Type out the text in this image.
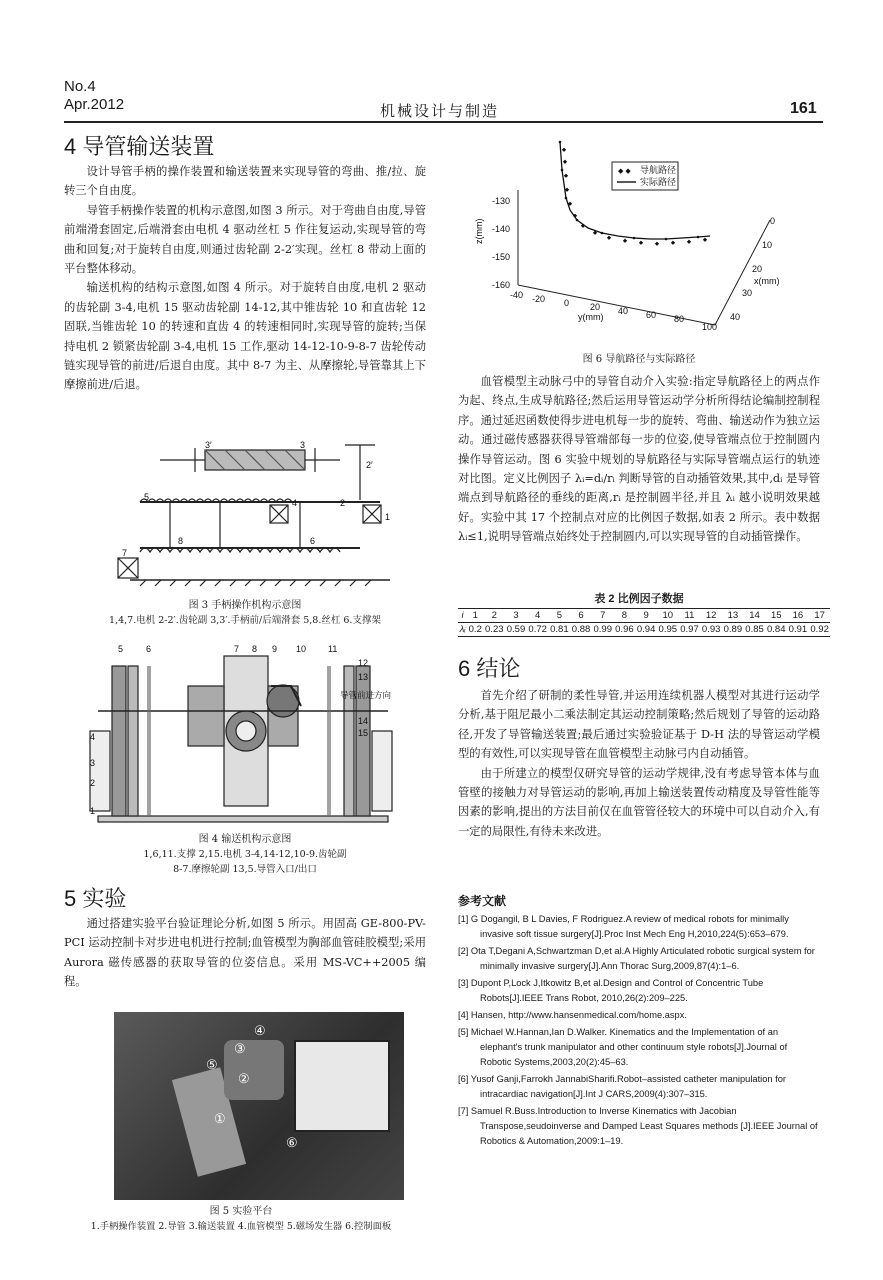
No.4
Apr.2012	机械设计与制造	161
4 导管输送装置

设计导管手柄的操作装置和输送装置来实现导管的弯曲、推/拉、旋转三个自由度。

导管手柄操作装置的机构示意图,如图 3 所示。对于弯曲自由度,导管前端滑套固定,后端滑套由电机 4 驱动丝杠 5 作往复运动,实现导管的弯曲和回复;对于旋转自由度,则通过齿轮副 2-2′实现。丝杠 8 带动上面的平台整体移动。

输送机构的结构示意图,如图 4 所示。对于旋转自由度,电机 2 驱动的齿轮副 3-4,电机 15 驱动齿轮副 14-12,其中锥齿轮 10 和直齿轮 12 固联,当锥齿轮 10 的转速和直齿 4 的转速相同时,实现导管的旋转;当保持电机 2 锁紧齿轮副 3-4,电机 15 工作,驱动 14-12-10-9-8-7 齿轮传动链实现导管的前进/后退自由度。其中 8-7 为主、从摩擦轮,导管靠其上下摩擦前进/后退。

3′	3
2′
2
5
4
1
7
8	6
图 3 手柄操作机构示意图
1,4,7.电机 2-2′.齿轮副 3,3′.手柄前/后端滑套 5,8.丝杠 6.支撑架
5	6	7 8 9 10 11
12
13
14
15
4
3
2
1
导管前进方向
图 4 输送机构示意图
1,6,11.支撑 2,15.电机 3-4,14-12,10-9.齿轮副
8-7.摩擦轮副 13,5.导管入口/出口
5 实验

通过搭建实验平台验证理论分析,如图 5 所示。用固高 GE-800-PV-PCI 运动控制卡对步进电机进行控制;血管模型为胸部血管硅胶模型;采用 Aurora 磁传感器的获取导管的位姿信息。采用 MS-VC++2005 编程。

①
②
③
④
⑤
⑥
图 5 实验平台
1.手柄操作装置 2.导管 3.输送装置 4.血管模型 5.磁场发生器 6.控制面板
-130
-140
-150
-160
z(mm)
-40 -20 0 20 40 60 80
100
y(mm)
0
10
20
30
40
x(mm)
导航路径
实际路径
◆ ◆
图 6 导航路径与实际路径

血管模型主动脉弓中的导管自动介入实验:指定导航路径上的两点作为起、终点,生成导航路径;然后运用导管运动学分析所得结论编制控制程序。通过延迟函数使得步进电机每一步的旋转、弯曲、输送动作为独立运动。通过磁传感器获得导管端部每一步的位姿,使导管端点位于控制圆内操作导管运动。图 6 实验中规划的导航路径与实际导管端点运行的轨迹对比图。定义比例因子 λᵢ=dᵢ/rᵢ 判断导管的自动插管效果,其中,dᵢ 是导管端点到导航路径的垂线的距离,rᵢ 是控制圆半径,并且 λᵢ 越小说明效果越好。实验中其 17 个控制点对应的比例因子数据,如表 2 所示。表中数据 λᵢ≤1,说明导管端点始终处于控制圆内,可以实现导管的自动插管操作。

表 2 比例因子数据
i	1	2	3	4	5	6	7	8	9	10	11	12	13	14	15	16	17
λᵢ	0.2	0.23	0.59	0.72	0.81	0.88	0.99	0.96	0.94	0.95	0.97	0.93	0.89	0.85	0.84	0.91	0.92
6 结论

首先介绍了研制的柔性导管,并运用连续机器人模型对其进行运动学分析,基于阻尼最小二乘法制定其运动控制策略;然后规划了导管的运动路径,开发了导管输送装置;最后通过实验验证基于 D-H 法的导管运动学模型的有效性,可以实现导管在血管模型主动脉弓内自动插管。

由于所建立的模型仅研究导管的运动学规律,没有考虑导管本体与血管壁的接触力对导管运动的影响,再加上输送装置传动精度及导管性能等因素的影响,提出的方法目前仅在血管管径较大的环境中可以自动介入,有一定的局限性,有待未来改进。

参考文献
[1] G Dogangil, B L Davies, F Rodriguez.A review of medical robots for minimally invasive soft tissue surgery[J].Proc Inst Mech Eng H,2010,224(5):653–679.
[2] Ota T,Degani A,Schwartzman D,et al.A Highly Articulated robotic surgical system for minimally invasive surgery[J].Ann Thorac Surg,2009,87(4):1–6.
[3] Dupont P,Lock J,Itkowitz B,et al.Design and Control of Concentric Tube Robots[J].IEEE Trans Robot, 2010,26(2):209–225.
[4] Hansen, http://www.hansenmedical.com/home.aspx.
[5] Michael W.Hannan,Ian D.Walker. Kinematics and the Implementation of an elephant's trunk manipulator and other continuum style robots[J].Journal of Robotic Systems,2003,20(2):45–63.
[6] Yusof Ganji,Farrokh JannabiSharifi.Robot–assisted catheter manipulation for intracardiac navigation[J].Int J CARS,2009(4):307–315.
[7] Samuel R.Buss.Introduction to Inverse Kinematics with Jacobian Transpose,seudoinverse and Damped Least Squares methods [J].IEEE Journal of Robotics & Automation,2009:1–19.
